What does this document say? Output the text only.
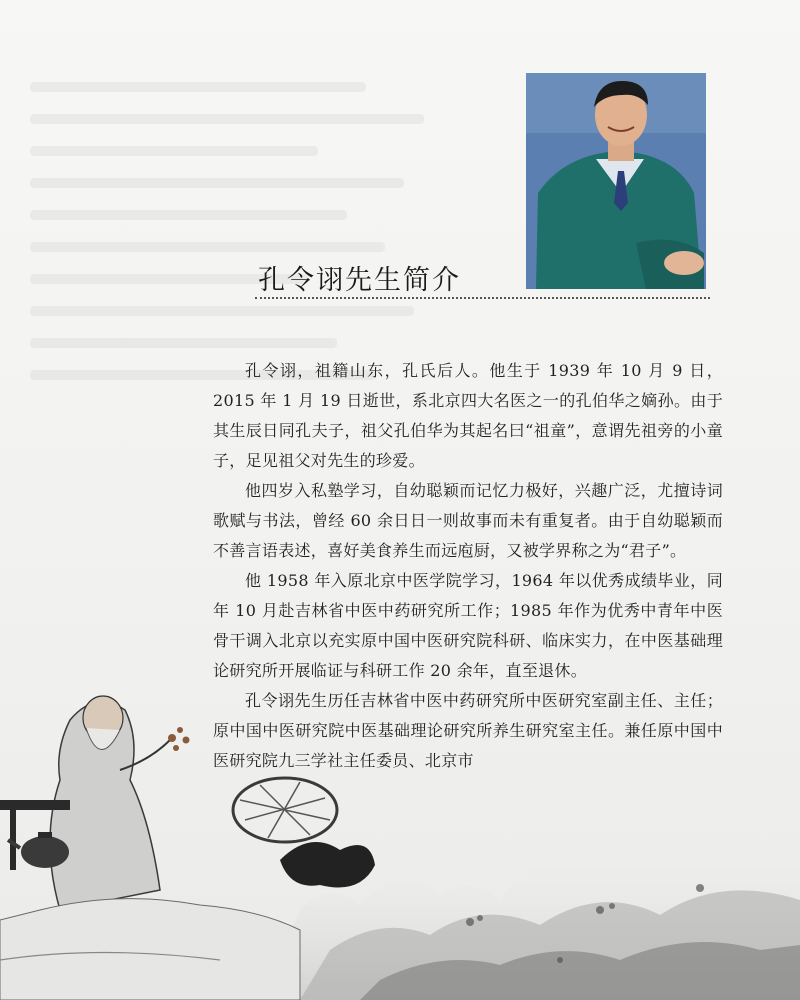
孔令诩先生简介

孔令诩，祖籍山东，孔氏后人。他生于 1939 年 10 月 9 日，2015 年 1 月 19 日逝世，系北京四大名医之一的孔伯华之嫡孙。由于其生辰日同孔夫子，祖父孔伯华为其起名曰“祖童”，意谓先祖旁的小童子，足见祖父对先生的珍爱。

他四岁入私塾学习，自幼聪颖而记忆力极好，兴趣广泛，尤擅诗词歌赋与书法，曾经 60 余日日一则故事而未有重复者。由于自幼聪颖而不善言语表述，喜好美食养生而远庖厨，又被学界称之为“君子”。

他 1958 年入原北京中医学院学习，1964 年以优秀成绩毕业，同年 10 月赴吉林省中医中药研究所工作；1985 年作为优秀中青年中医骨干调入北京以充实原中国中医研究院科研、临床实力，在中医基础理论研究所开展临证与科研工作 20 余年，直至退休。

孔令诩先生历任吉林省中医中药研究所中医研究室副主任、主任；原中国中医研究院中医基础理论研究所养生研究室主任。兼任原中国中医研究院九三学社主任委员、北京市
